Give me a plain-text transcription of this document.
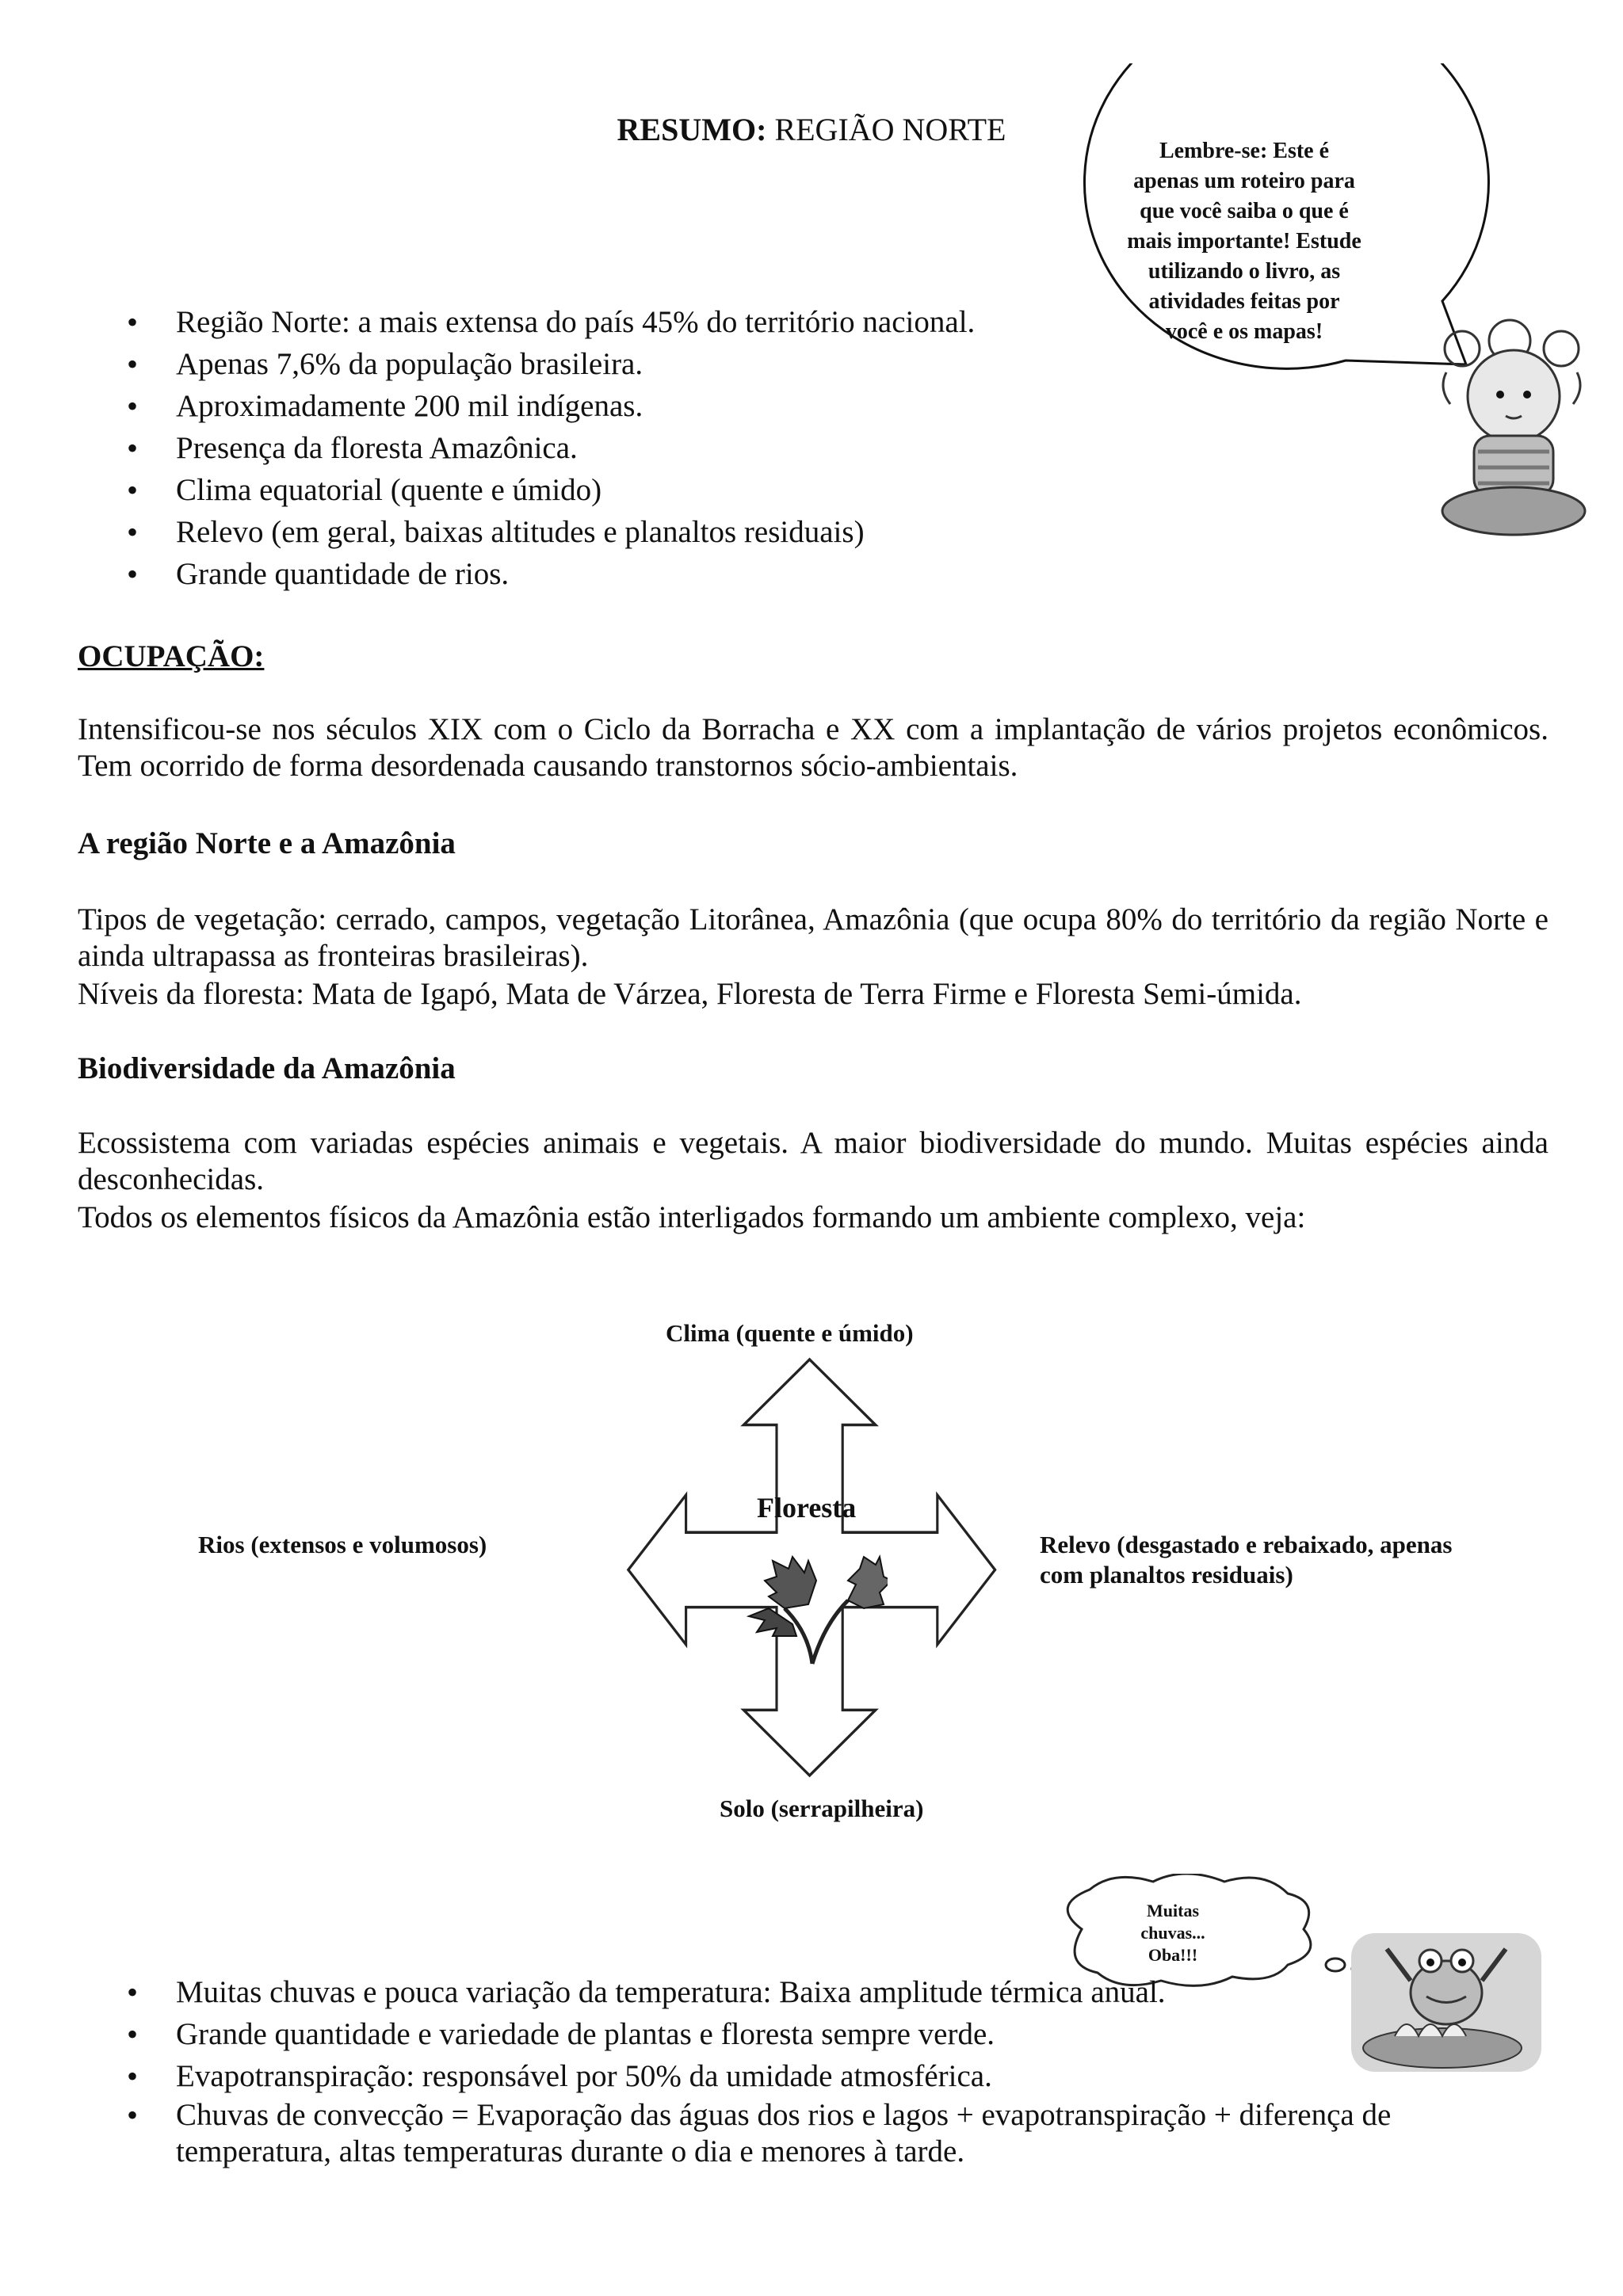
RESUMO: REGIÃO NORTE
Lembre-se: Este é apenas um roteiro para que você saiba o que é mais importante! Estude utilizando o livro, as atividades feitas por você e os mapas!
• Região Norte: a mais extensa do país 45% do território nacional.
• Apenas 7,6% da população brasileira.
• Aproximadamente 200 mil indígenas.
• Presença da floresta Amazônica.
• Clima equatorial (quente e úmido)
• Relevo (em geral, baixas altitudes e planaltos residuais)
• Grande quantidade de rios.
OCUPAÇÃO:
Intensificou-se nos séculos XIX com o Ciclo da Borracha e XX com a implantação de vários projetos econômicos. Tem ocorrido de forma desordenada causando transtornos sócio-ambientais.
A região Norte e a Amazônia
Tipos de vegetação: cerrado, campos, vegetação Litorânea, Amazônia (que ocupa 80% do território da região Norte e ainda ultrapassa as fronteiras brasileiras).
Níveis da floresta: Mata de Igapó, Mata de Várzea, Floresta de Terra Firme e Floresta Semi-úmida.
Biodiversidade da Amazônia
Ecossistema com variadas espécies animais e vegetais. A maior biodiversidade do mundo. Muitas espécies ainda desconhecidas.
Todos os elementos físicos da Amazônia estão interligados formando um ambiente complexo, veja:
Floresta
Clima (quente e úmido)
Rios (extensos e volumosos)	Relevo (desgastado e rebaixado, apenas
com planaltos residuais)
Solo (serrapilheira)
Muitas
chuvas...
Oba!!!
• Muitas chuvas e pouca variação da temperatura: Baixa amplitude térmica anual.
• Grande quantidade e variedade de plantas e floresta sempre verde.
• Evapotranspiração: responsável por 50% da umidade atmosférica.
• Chuvas de convecção = Evaporação das águas dos rios e lagos + evapotranspiração + diferença de temperatura, altas temperaturas durante o dia e menores à tarde.
